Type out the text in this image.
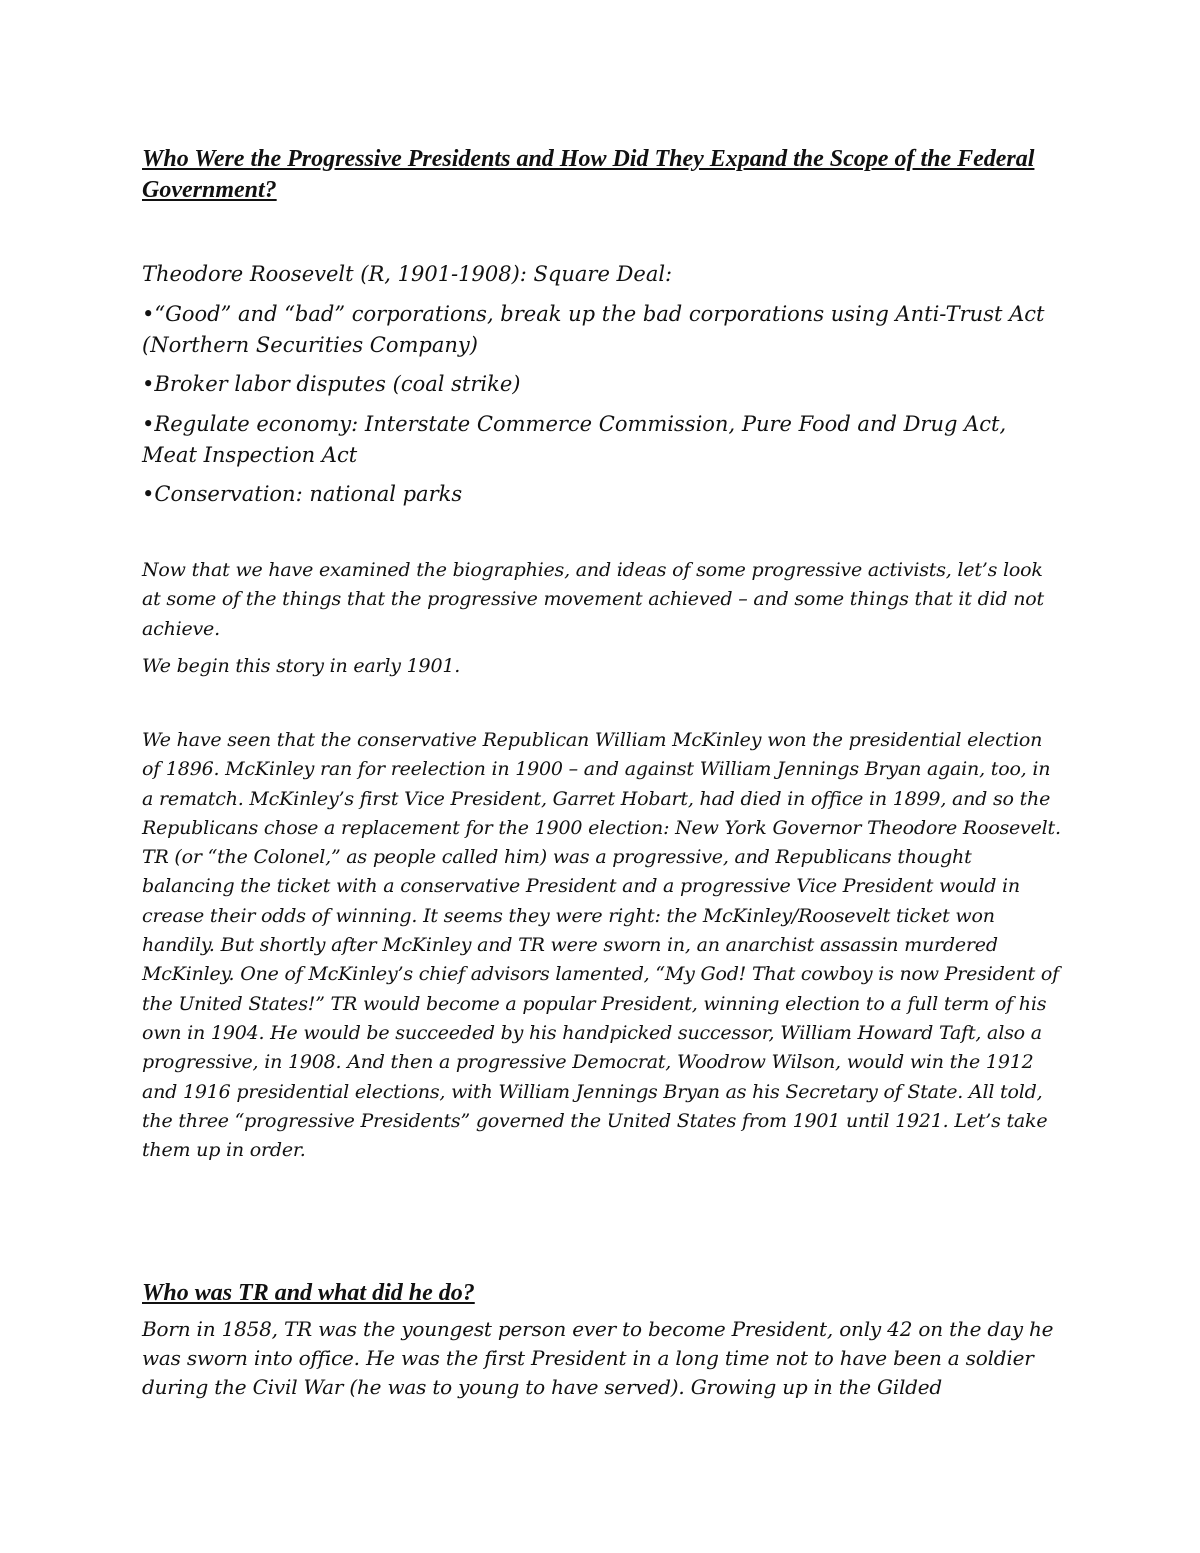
Who Were the Progressive Presidents and How Did They Expand the Scope of the Federal Government?

Theodore Roosevelt (R, 1901-1908): Square Deal:

•“Good” and “bad” corporations, break up the bad corporations using Anti-Trust Act (Northern Securities Company)

•Broker labor disputes (coal strike)

•Regulate economy: Interstate Commerce Commission, Pure Food and Drug Act, Meat Inspection Act

•Conservation: national parks

Now that we have examined the biographies, and ideas of some progressive activists, let’s look at some of the things that the progressive movement achieved – and some things that it did not achieve.

We begin this story in early 1901.

We have seen that the conservative Republican William McKinley won the presidential election of 1896. McKinley ran for reelection in 1900 – and against William Jennings Bryan again, too, in a rematch. McKinley’s first Vice President, Garret Hobart, had died in office in 1899, and so the Republicans chose a replacement for the 1900 election: New York Governor Theodore Roosevelt. TR (or “the Colonel,” as people called him) was a progressive, and Republicans thought balancing the ticket with a conservative President and a progressive Vice President would in crease their odds of winning. It seems they were right: the McKinley/Roosevelt ticket won handily. But shortly after McKinley and TR were sworn in, an anarchist assassin murdered McKinley. One of McKinley’s chief advisors lamented, “My God! That cowboy is now President of the United States!” TR would become a popular President, winning election to a full term of his own in 1904. He would be succeeded by his handpicked successor, William Howard Taft, also a progressive, in 1908. And then a progressive Democrat, Woodrow Wilson, would win the 1912 and 1916 presidential elections, with William Jennings Bryan as his Secretary of State. All told, the three “progressive Presidents” governed the United States from 1901 until 1921. Let’s take them up in order.

Who was TR and what did he do?

Born in 1858, TR was the youngest person ever to become President, only 42 on the day he was sworn into office. He was the first President in a long time not to have been a soldier during the Civil War (he was to young to have served). Growing up in the Gilded
